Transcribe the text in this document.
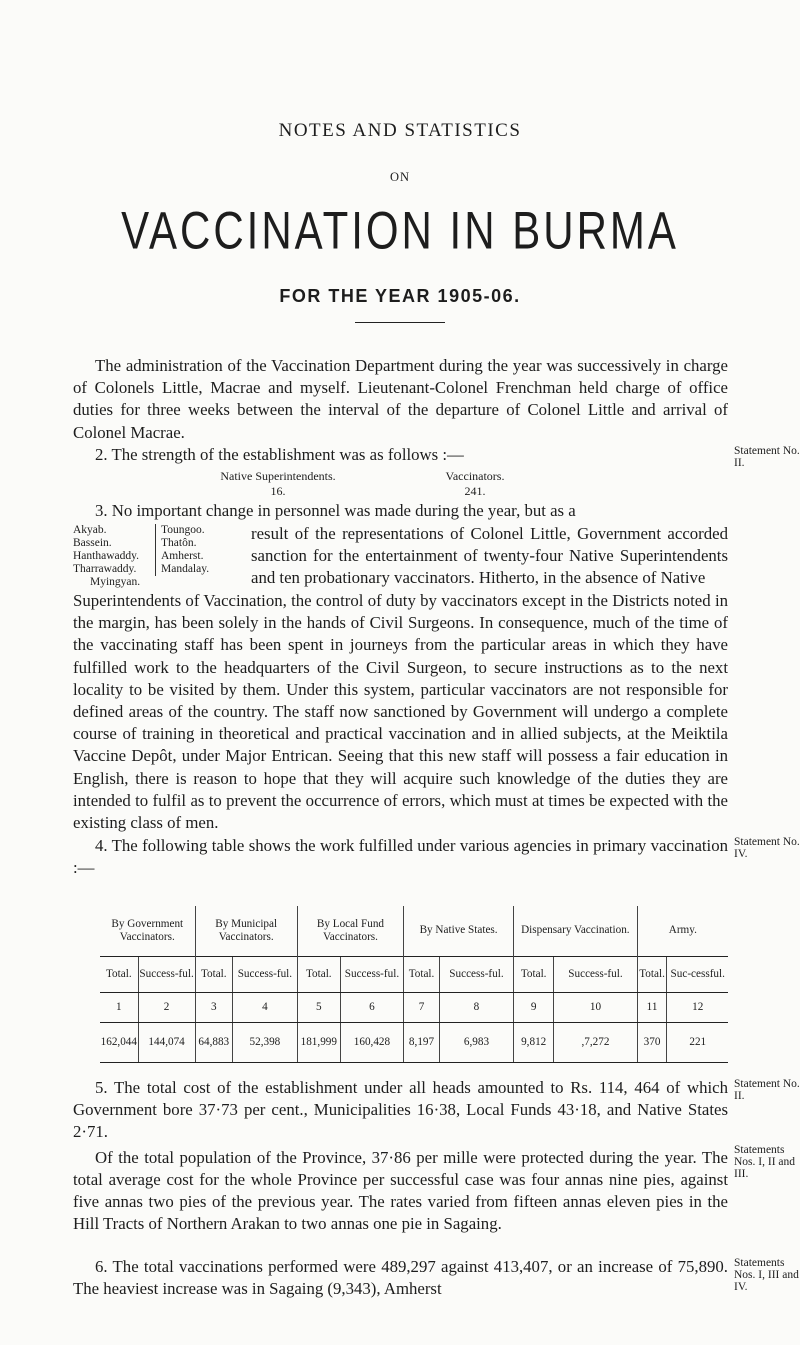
NOTES AND STATISTICS
ON
VACCINATION IN BURMA
FOR THE YEAR 1905-06.

The administration of the Vaccination Department during the year was successively in charge of Colonels Little, Macrae and myself. Lieutenant-Colonel Frenchman held charge of office duties for three weeks between the interval of the departure of Colonel Little and arrival of Colonel Macrae.

2. The strength of the establishment was as follows :—	Statement No. II.
Native Superintendents.
16.
Vaccinators.
241.

3. No important change in personnel was made during the year, but as a

Akyab.
Bassein.
Hanthawaddy.
Tharrawaddy.
Toungoo.
Thatôn.
Amherst.
Mandalay.
Myingyan.

result of the representations of Colonel Little, Government accorded sanction for the entertainment of twenty-four Native Superintendents and ten probationary vaccinators. Hitherto, in the absence of Native

Superintendents of Vaccination, the control of duty by vaccinators except in the Districts noted in the margin, has been solely in the hands of Civil Surgeons. In consequence, much of the time of the vaccinating staff has been spent in journeys from the particular areas in which they have fulfilled work to the headquarters of the Civil Surgeon, to secure instructions as to the next locality to be visited by them. Under this system, particular vaccinators are not responsible for defined areas of the country. The staff now sanctioned by Government will undergo a complete course of training in theoretical and practical vaccination and in allied subjects, at the Meiktila Vaccine Depôt, under Major Entrican. Seeing that this new staff will possess a fair education in English, there is reason to hope that they will acquire such knowledge of the duties they are intended to fulfil as to prevent the occurrence of errors, which must at times be expected with the existing class of men.

4. The following table shows the work fulfilled under various agencies in primary vaccination :—

Statement No. IV.
By Government Vaccinators.		By Municipal Vaccinators.		By Local Fund Vaccinators.		By Native States.		Dispensary Vaccination.		Army.	
Total.	Success-ful.	Total.	Success-ful.	Total.	Success-ful.	Total.	Success-ful.	Total.	Success-ful.	Total.	Suc-cessful.
1	2	3	4	5	6	7	8	9	10	11	12
162,044	144,074	64,883	52,398	181,999	160,428	8,197	6,983	9,812	,7,272	370	221

5. The total cost of the establishment under all heads amounted to Rs. 114, 464 of which Government bore 37·73 per cent., Municipalities 16·38, Local Funds 43·18, and Native States 2·71.

Of the total population of the Province, 37·86 per mille were protected during the year. The total average cost for the whole Province per successful case was four annas nine pies, against five annas two pies of the previous year. The rates varied from fifteen annas eleven pies in the Hill Tracts of Northern Arakan to two annas one pie in Sagaing.

Statement No. II.
Statements Nos. I, II and III.

6. The total vaccinations performed were 489,297 against 413,407, or an increase of 75,890. The heaviest increase was in Sagaing (9,343), Amherst

Statements Nos. I, III and IV.
